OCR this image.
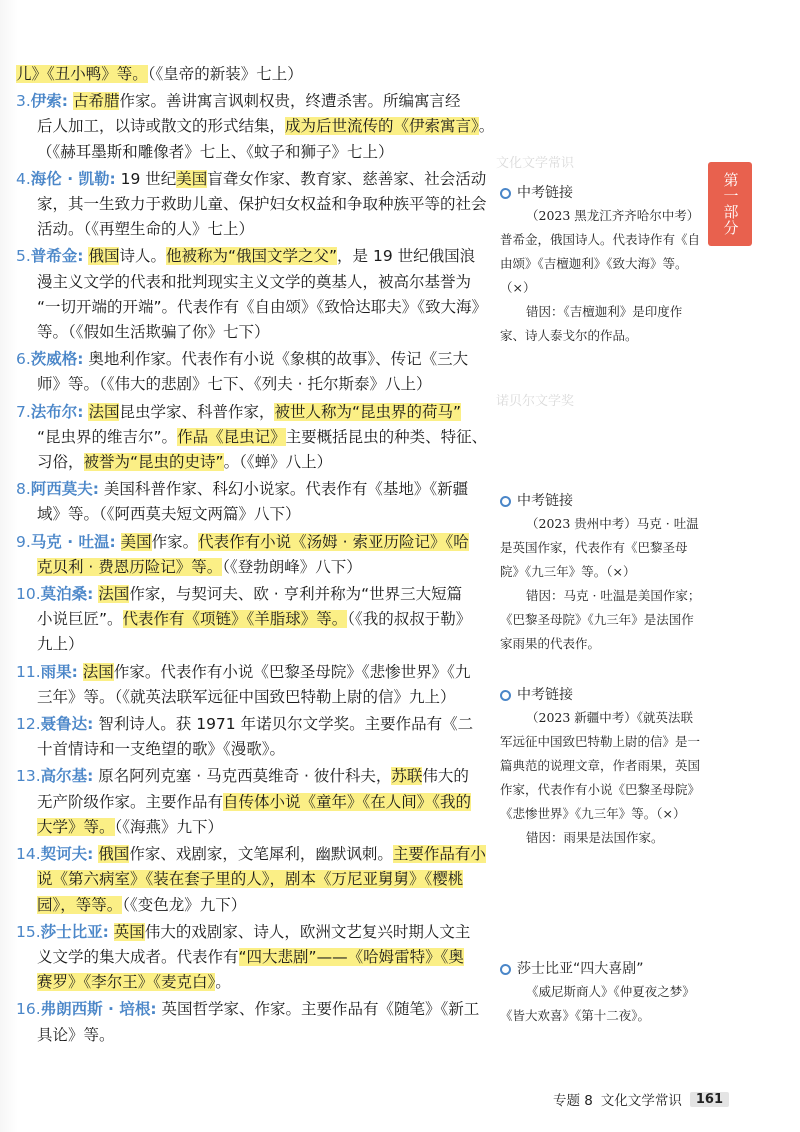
文化文学常识
诺贝尔文学奖
儿》《丑小鸭》等。（《皇帝的新装》七上）
3.伊索: 古希腊作家。善讲寓言讽刺权贵，终遭杀害。所编寓言经
后人加工，以诗或散文的形式结集，成为后世流传的《伊索寓言》。
（《赫耳墨斯和雕像者》七上、《蚊子和狮子》七上）
4.海伦 · 凯勒: 19 世纪美国盲聋女作家、教育家、慈善家、社会活动
家，其一生致力于救助儿童、保护妇女权益和争取种族平等的社会
活动。（《再塑生命的人》七上）
5.普希金: 俄国诗人。他被称为“俄国文学之父”，是 19 世纪俄国浪
漫主义文学的代表和批判现实主义文学的奠基人，被高尔基誉为
“一切开端的开端”。代表作有《自由颂》《致恰达耶夫》《致大海》
等。（《假如生活欺骗了你》七下）
6.茨威格: 奥地利作家。代表作有小说《象棋的故事》、传记《三大
师》等。（《伟大的悲剧》七下、《列夫 · 托尔斯泰》八上）
7.法布尔: 法国昆虫学家、科普作家，被世人称为“昆虫界的荷马”
“昆虫界的维吉尔”。作品《昆虫记》主要概括昆虫的种类、特征、
习俗，被誉为“昆虫的史诗”。（《蝉》八上）
8.阿西莫夫: 美国科普作家、科幻小说家。代表作有《基地》《新疆
域》等。（《阿西莫夫短文两篇》八下）
9.马克 · 吐温: 美国作家。代表作有小说《汤姆 · 索亚历险记》《哈
克贝利 · 费恩历险记》等。（《登勃朗峰》八下）
10.莫泊桑: 法国作家，与契诃夫、欧 · 亨利并称为“世界三大短篇
小说巨匠”。代表作有《项链》《羊脂球》等。（《我的叔叔于勒》
九上）
11.雨果: 法国作家。代表作有小说《巴黎圣母院》《悲惨世界》《九
三年》等。（《就英法联军远征中国致巴特勒上尉的信》九上）
12.聂鲁达: 智利诗人。获 1971 年诺贝尔文学奖。主要作品有《二
十首情诗和一支绝望的歌》《漫歌》。
13.高尔基: 原名阿列克塞 · 马克西莫维奇 · 彼什科夫，苏联伟大的
无产阶级作家。主要作品有自传体小说《童年》《在人间》《我的
大学》等。（《海燕》九下）
14.契诃夫: 俄国作家、戏剧家，文笔犀利，幽默讽刺。主要作品有小
说《第六病室》《装在套子里的人》，剧本《万尼亚舅舅》《樱桃
园》，等等。（《变色龙》九下）
15.莎士比亚: 英国伟大的戏剧家、诗人，欧洲文艺复兴时期人文主
义文学的集大成者。代表作有“四大悲剧”——《哈姆雷特》《奥
赛罗》《李尔王》《麦克白》。
16.弗朗西斯 · 培根: 英国哲学家、作家。主要作品有《随笔》《新工
具论》等。
第一部分
中考链接
（2023 黑龙江齐齐哈尔中考）普希金，俄国诗人。代表诗作有《自由颂》《吉檀迦利》《致大海》等。（×）
错因：《吉檀迦利》是印度作家、诗人泰戈尔的作品。
中考链接
（2023 贵州中考）马克 · 吐温是英国作家，代表作有《巴黎圣母院》《九三年》等。（×）
错因：马克 · 吐温是美国作家；《巴黎圣母院》《九三年》是法国作家雨果的代表作。
中考链接
（2023 新疆中考）《就英法联军远征中国致巴特勒上尉的信》是一篇典范的说理文章，作者雨果，英国作家，代表作有小说《巴黎圣母院》《悲惨世界》《九三年》等。（×）
错因：雨果是法国作家。
莎士比亚“四大喜剧”
《威尼斯商人》《仲夏夜之梦》《皆大欢喜》《第十二夜》。
专题 8 文化文学常识	161
